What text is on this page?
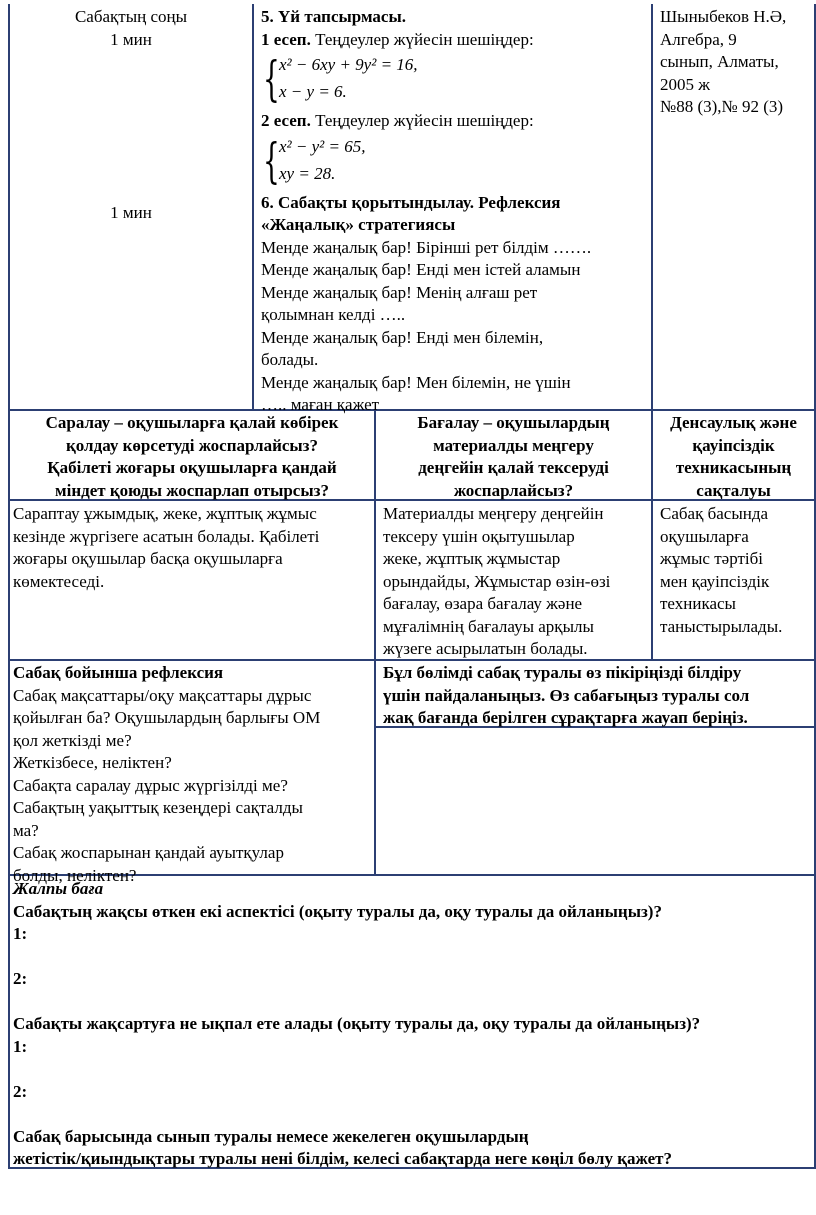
Сабақтың соңы
1 мин
1 мин
5. Үй тапсырмасы.
1 есеп. Теңдеулер жүйесін шешіңдер:
{ x² − 6xy + 9y² = 16,
x − y = 6.
2 есеп. Теңдеулер жүйесін шешіңдер:
{ x² − y² = 65,
xy = 28.
6. Сабақты қорытындылау. Рефлексия
«Жаңалық» стратегиясы
Менде жаңалық бар! Бірінші рет білдім …….
Менде жаңалық бар! Енді мен істей аламын
Менде жаңалық бар! Менің алғаш рет
қолымнан келді …..
Менде жаңалық бар! Енді мен білемін,
болады.
Менде жаңалық бар! Мен білемін, не үшін
….. маған қажет
Шыныбеков Н.Ә,
Алгебра, 9
сынып, Алматы,
2005 ж
№88 (3),№ 92 (3)
Саралау – оқушыларға қалай көбірек
қолдау көрсетуді жоспарлайсыз?
Қабілеті жоғары оқушыларға қандай
міндет қоюды жоспарлап отырсыз?
Бағалау – оқушылардың
материалды меңгеру
деңгейін қалай тексеруді
жоспарлайсыз?
Денсаулық және
қауіпсіздік
техникасының
сақталуы
Сараптау ұжымдық, жеке, жұптық жұмыс
кезінде жүргізеге асатын болады. Қабілеті
жоғары оқушылар басқа оқушыларға
көмектеседі.
Материалды меңгеру деңгейін
тексеру үшін оқытушылар
жеке, жұптық жұмыстар
орындайды, Жұмыстар өзін-өзі
бағалау, өзара бағалау және
мұғалімнің бағалауы арқылы
жүзеге асырылатын болады.
Сабақ басында
оқушыларға
жұмыс тәртібі
мен қауіпсіздік
техникасы
таныстырылады.
Сабақ бойынша рефлексия
Сабақ мақсаттары/оқу мақсаттары дұрыс
қойылған ба? Оқушылардың барлығы ОМ
қол жеткізді ме?
Жеткізбесе, неліктен?
Сабақта саралау дұрыс жүргізілді ме?
Сабақтың уақыттық кезеңдері сақталды
ма?
Сабақ жоспарынан қандай ауытқулар
болды, неліктен?
Бұл бөлімді сабақ туралы өз пікіріңізді білдіру
үшін пайдаланыңыз. Өз сабағыңыз туралы сол
жақ бағанда берілген сұрақтарға жауап беріңіз.
Жалпы баға
Сабақтың жақсы өткен екі аспектісі (оқыту туралы да, оқу туралы да ойланыңыз)?
1:
2:
Сабақты жақсартуға не ықпал ете алады (оқыту туралы да, оқу туралы да ойланыңыз)?
1:
2:
Сабақ барысында сынып туралы немесе жекелеген оқушылардың
жетістік/қиындықтары туралы нені білдім, келесі сабақтарда неге көңіл бөлу қажет?
